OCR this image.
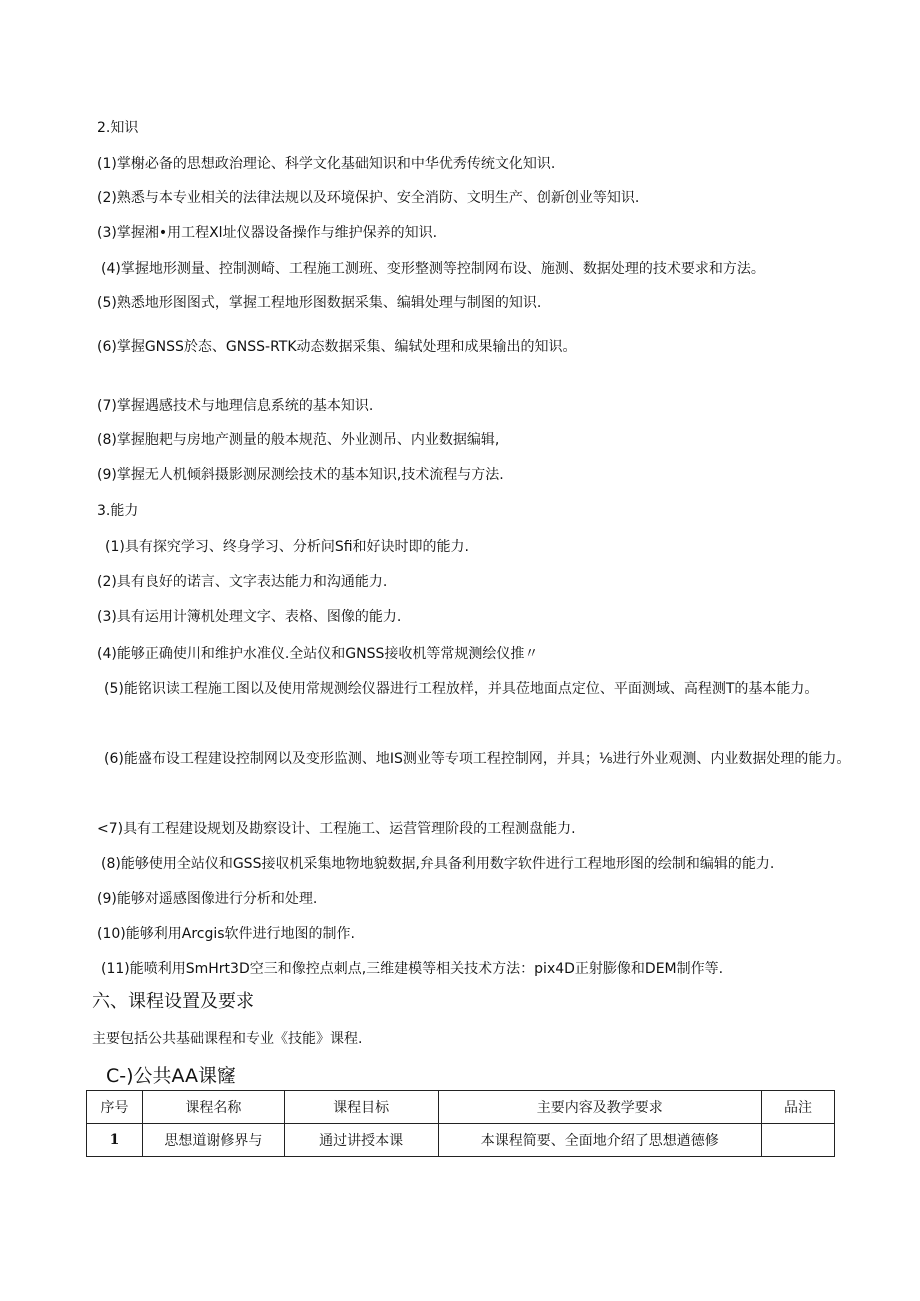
2.知识
(1)掌榭必备的思想政治理论、科学文化基础知识和中华优秀传统文化知识.
(2)熟悉与本专业相关的法律法规以及环境保护、安全消防、文明生产、创新创业等知识.
(3)掌握湘•用工程Xl址仪器设备操作与维护保养的知识.
(4)掌握地形测量、控制测崎、工程施工测班、变形整测等控制网布设、施测、数据处理的技术要求和方法。
(5)熟悉地形图图式，掌握工程地形图数据采集、编辑处理与制图的知识.
(6)掌握GNSS於态、GNSS-RTK动态数据采集、编轼处理和成果输出的知识。
(7)掌握遇感技术与地理信息系统的基本知识.
(8)掌握胞耙与房地产测量的般本规范、外业测吊、内业数据编辑,
(9)掌握无人机倾斜摄影测尿测绘技术的基本知识,技术流程与方法.
3.能力
(1)具有探究学习、终身学习、分析问Sfi和好诀时即的能力.
(2)具有良好的诺言、文字表达能力和沟通能力.
(3)具有运用计簿机处理文字、表格、图像的能力.
(4)能够正确使川和维护水准仪.全站仪和GNSS接收机等常规测绘仪推〃
(5)能铭识读工程施工图以及使用常规测绘仪器进行工程放样，并具莅地面点定位、平面测域、高程测T的基本能力。
(6)能盛布设工程建设控制网以及变形监测、地IS测业等专项工程控制网，并具；⅛进行外业观测、内业数据处理的能力。
<7)具有工程建设规划及勘察设计、工程施工、运营管理阶段的工程测盘能力.
(8)能够使用全站仪和GSS接収机采集地物地貌数据,弁具备利用数字软件进行工程地形图的绘制和编辑的能力.
(9)能够对遥感图像进行分析和处理.
(10)能够利用Arcgis软件进行地图的制作.
(11)能喷利用SmHrt3D空三和像控点刺点,三维建模等相关技术方法：pix4D正射膨像和DEM制作等.
六、课程设置及要求
主要包括公共基础课程和专业《技能》课程.
C-)公共AA课窿
序号	课程名称	课程目标	主要内容及教学要求	品注
1	思想道谢修界与	通过讲授本课	本课程简要、全面地介绍了思想遒德修	
